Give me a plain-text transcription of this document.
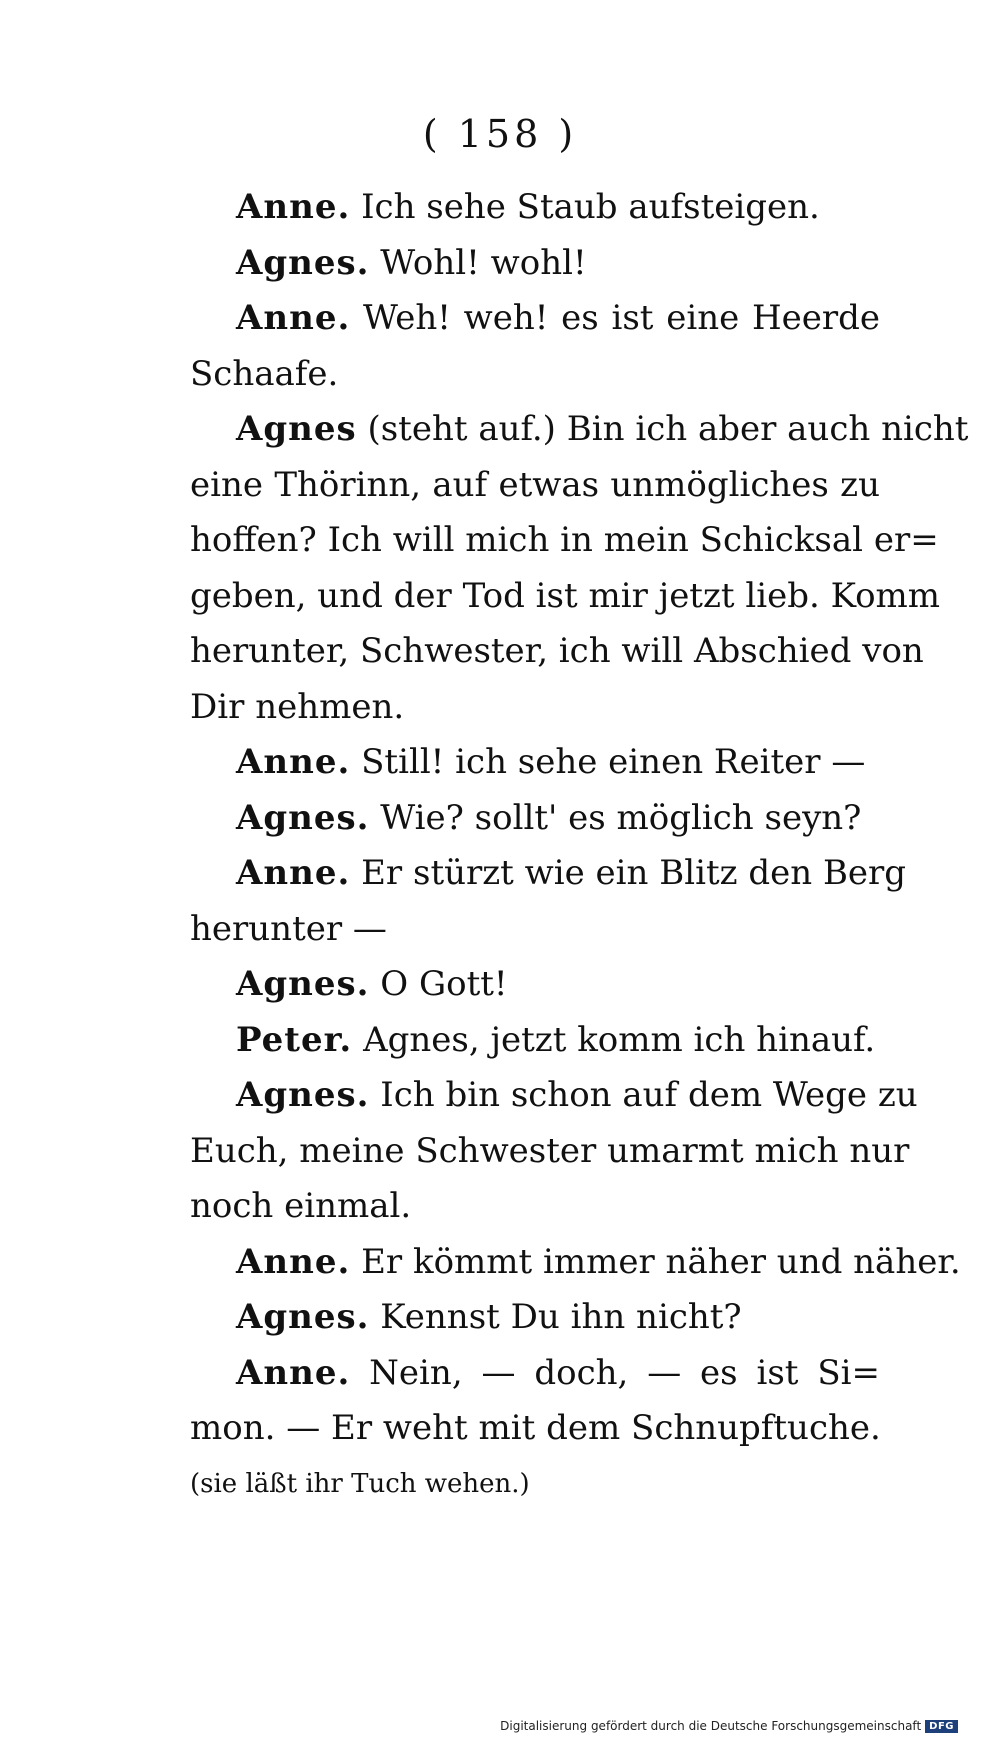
( 158 )
Anne. Ich sehe Staub aufsteigen.
Agnes. Wohl! wohl!
Anne. Weh! weh! es ist eine Heerde
Schaafe.
Agnes (steht auf.) Bin ich aber auch nicht
eine Thörinn, auf etwas unmögliches zu
hoffen? Ich will mich in mein Schicksal er=
geben, und der Tod ist mir jetzt lieb. Komm
herunter, Schwester, ich will Abschied von
Dir nehmen.
Anne. Still! ich sehe einen Reiter —
Agnes. Wie? sollt' es möglich seyn?
Anne. Er stürzt wie ein Blitz den Berg
herunter —
Agnes. O Gott!
Peter. Agnes, jetzt komm ich hinauf.
Agnes. Ich bin schon auf dem Wege zu
Euch, meine Schwester umarmt mich nur
noch einmal.
Anne. Er kömmt immer näher und näher.
Agnes. Kennst Du ihn nicht?
Anne. Nein, — doch, — es ist Si=
mon. — Er weht mit dem Schnupftuche.
(sie läßt ihr Tuch wehen.)
Digitalisierung gefördert durch die Deutsche Forschungsgemeinschaft DFG
